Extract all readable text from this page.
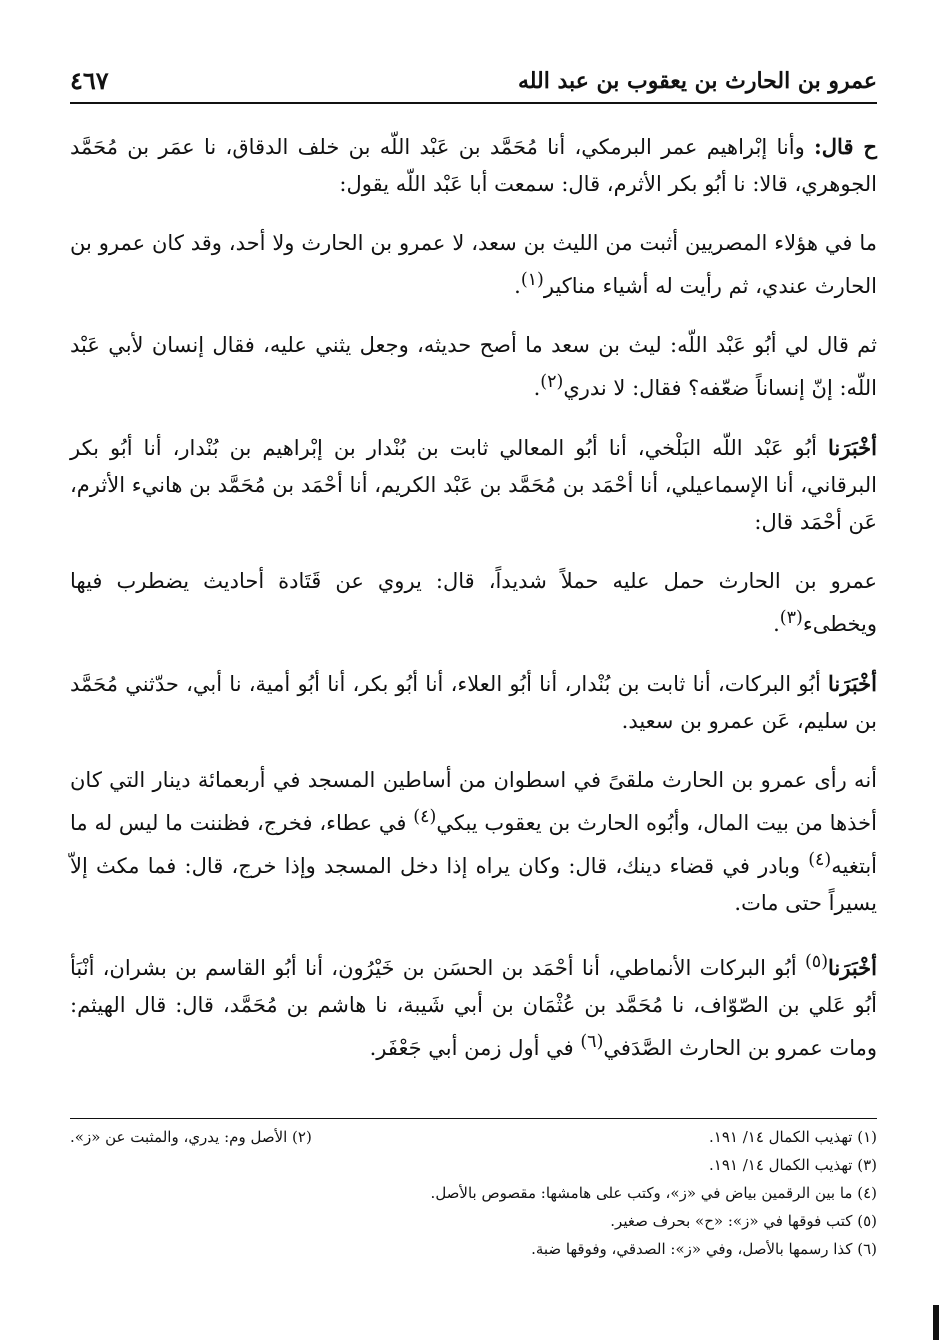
عمرو بن الحارث بن يعقوب بن عبد الله
٤٦٧

ح قال: وأنا إبْراهيم عمر البرمكي، أنا مُحَمَّد بن عَبْد اللّه بن خلف الدقاق، نا عمَر بن مُحَمَّد الجوهري، قالا: نا أبُو بكر الأثرم، قال: سمعت أبا عَبْد اللّه يقول:

ما في هؤلاء المصريين أثبت من الليث بن سعد، لا عمرو بن الحارث ولا أحد، وقد كان عمرو بن الحارث عندي، ثم رأيت له أشياء مناكير$^{(١)}$.

ثم قال لي أبُو عَبْد اللّه: ليث بن سعد ما أصح حديثه، وجعل يثني عليه، فقال إنسان لأبي عَبْد اللّه: إنّ إنساناً ضعّفه؟ فقال: لا ندري$^{(٢)}$.

أخْبَرَنا أبُو عَبْد اللّه البَلْخي، أنا أبُو المعالي ثابت بن بُنْدار بن إبْراهيم بن بُنْدار، أنا أبُو بكر البرقاني، أنا الإسماعيلي، أنا أحْمَد بن مُحَمَّد بن عَبْد الكريم، أنا أحْمَد بن مُحَمَّد بن هانيء الأثرم، عَن أحْمَد قال:

عمرو بن الحارث حمل عليه حملاً شديداً، قال: يروي عن قَتَادة أحاديث يضطرب فيها ويخطىء$^{(٣)}$.

أخْبَرَنا أبُو البركات، أنا ثابت بن بُنْدار، أنا أبُو العلاء، أنا أبُو بكر، أنا أبُو أمية، نا أبي، حدّثني مُحَمَّد بن سليم، عَن عمرو بن سعيد.

أنه رأى عمرو بن الحارث ملقىً في اسطوان من أساطين المسجد في أربعمائة دينار التي كان أخذها من بيت المال، وأبُوه الحارث بن يعقوب يبكي$^{(٤)}$ في عطاء، فخرج، فظننت ما ليس له ما أبتغيه$^{(٤)}$ وبادر في قضاء دينك، قال: وكان يراه إذا دخل المسجد وإذا خرج، قال: فما مكث إلاّ يسيراً حتى مات.

أخْبَرَنا$^{(٥)}$ أبُو البركات الأنماطي، أنا أحْمَد بن الحسَن بن خَيْرُون، أنا أبُو القاسم بن بشران، أنْبَأ أبُو عَلي بن الصّوّاف، نا مُحَمَّد بن عُثْمَان بن أبي شَيبة، نا هاشم بن مُحَمَّد، قال: قال الهيثم: ومات عمرو بن الحارث الصَّدَفي$^{(٦)}$ في أول زمن أبي جَعْفَر.

(١) تهذيب الكمال ١٤/ ١٩١.
(٢) الأصل وم: يدري، والمثبت عن «ز».
(٣) تهذيب الكمال ١٤/ ١٩١.
(٤) ما بين الرقمين بياض في «ز»، وكتب على هامشها: مقصوص بالأصل.
(٥) كتب فوقها في «ز»: «ح» بحرف صغير.
(٦) كذا رسمها بالأصل، وفي «ز»: الصدقي، وفوقها ضبة.
